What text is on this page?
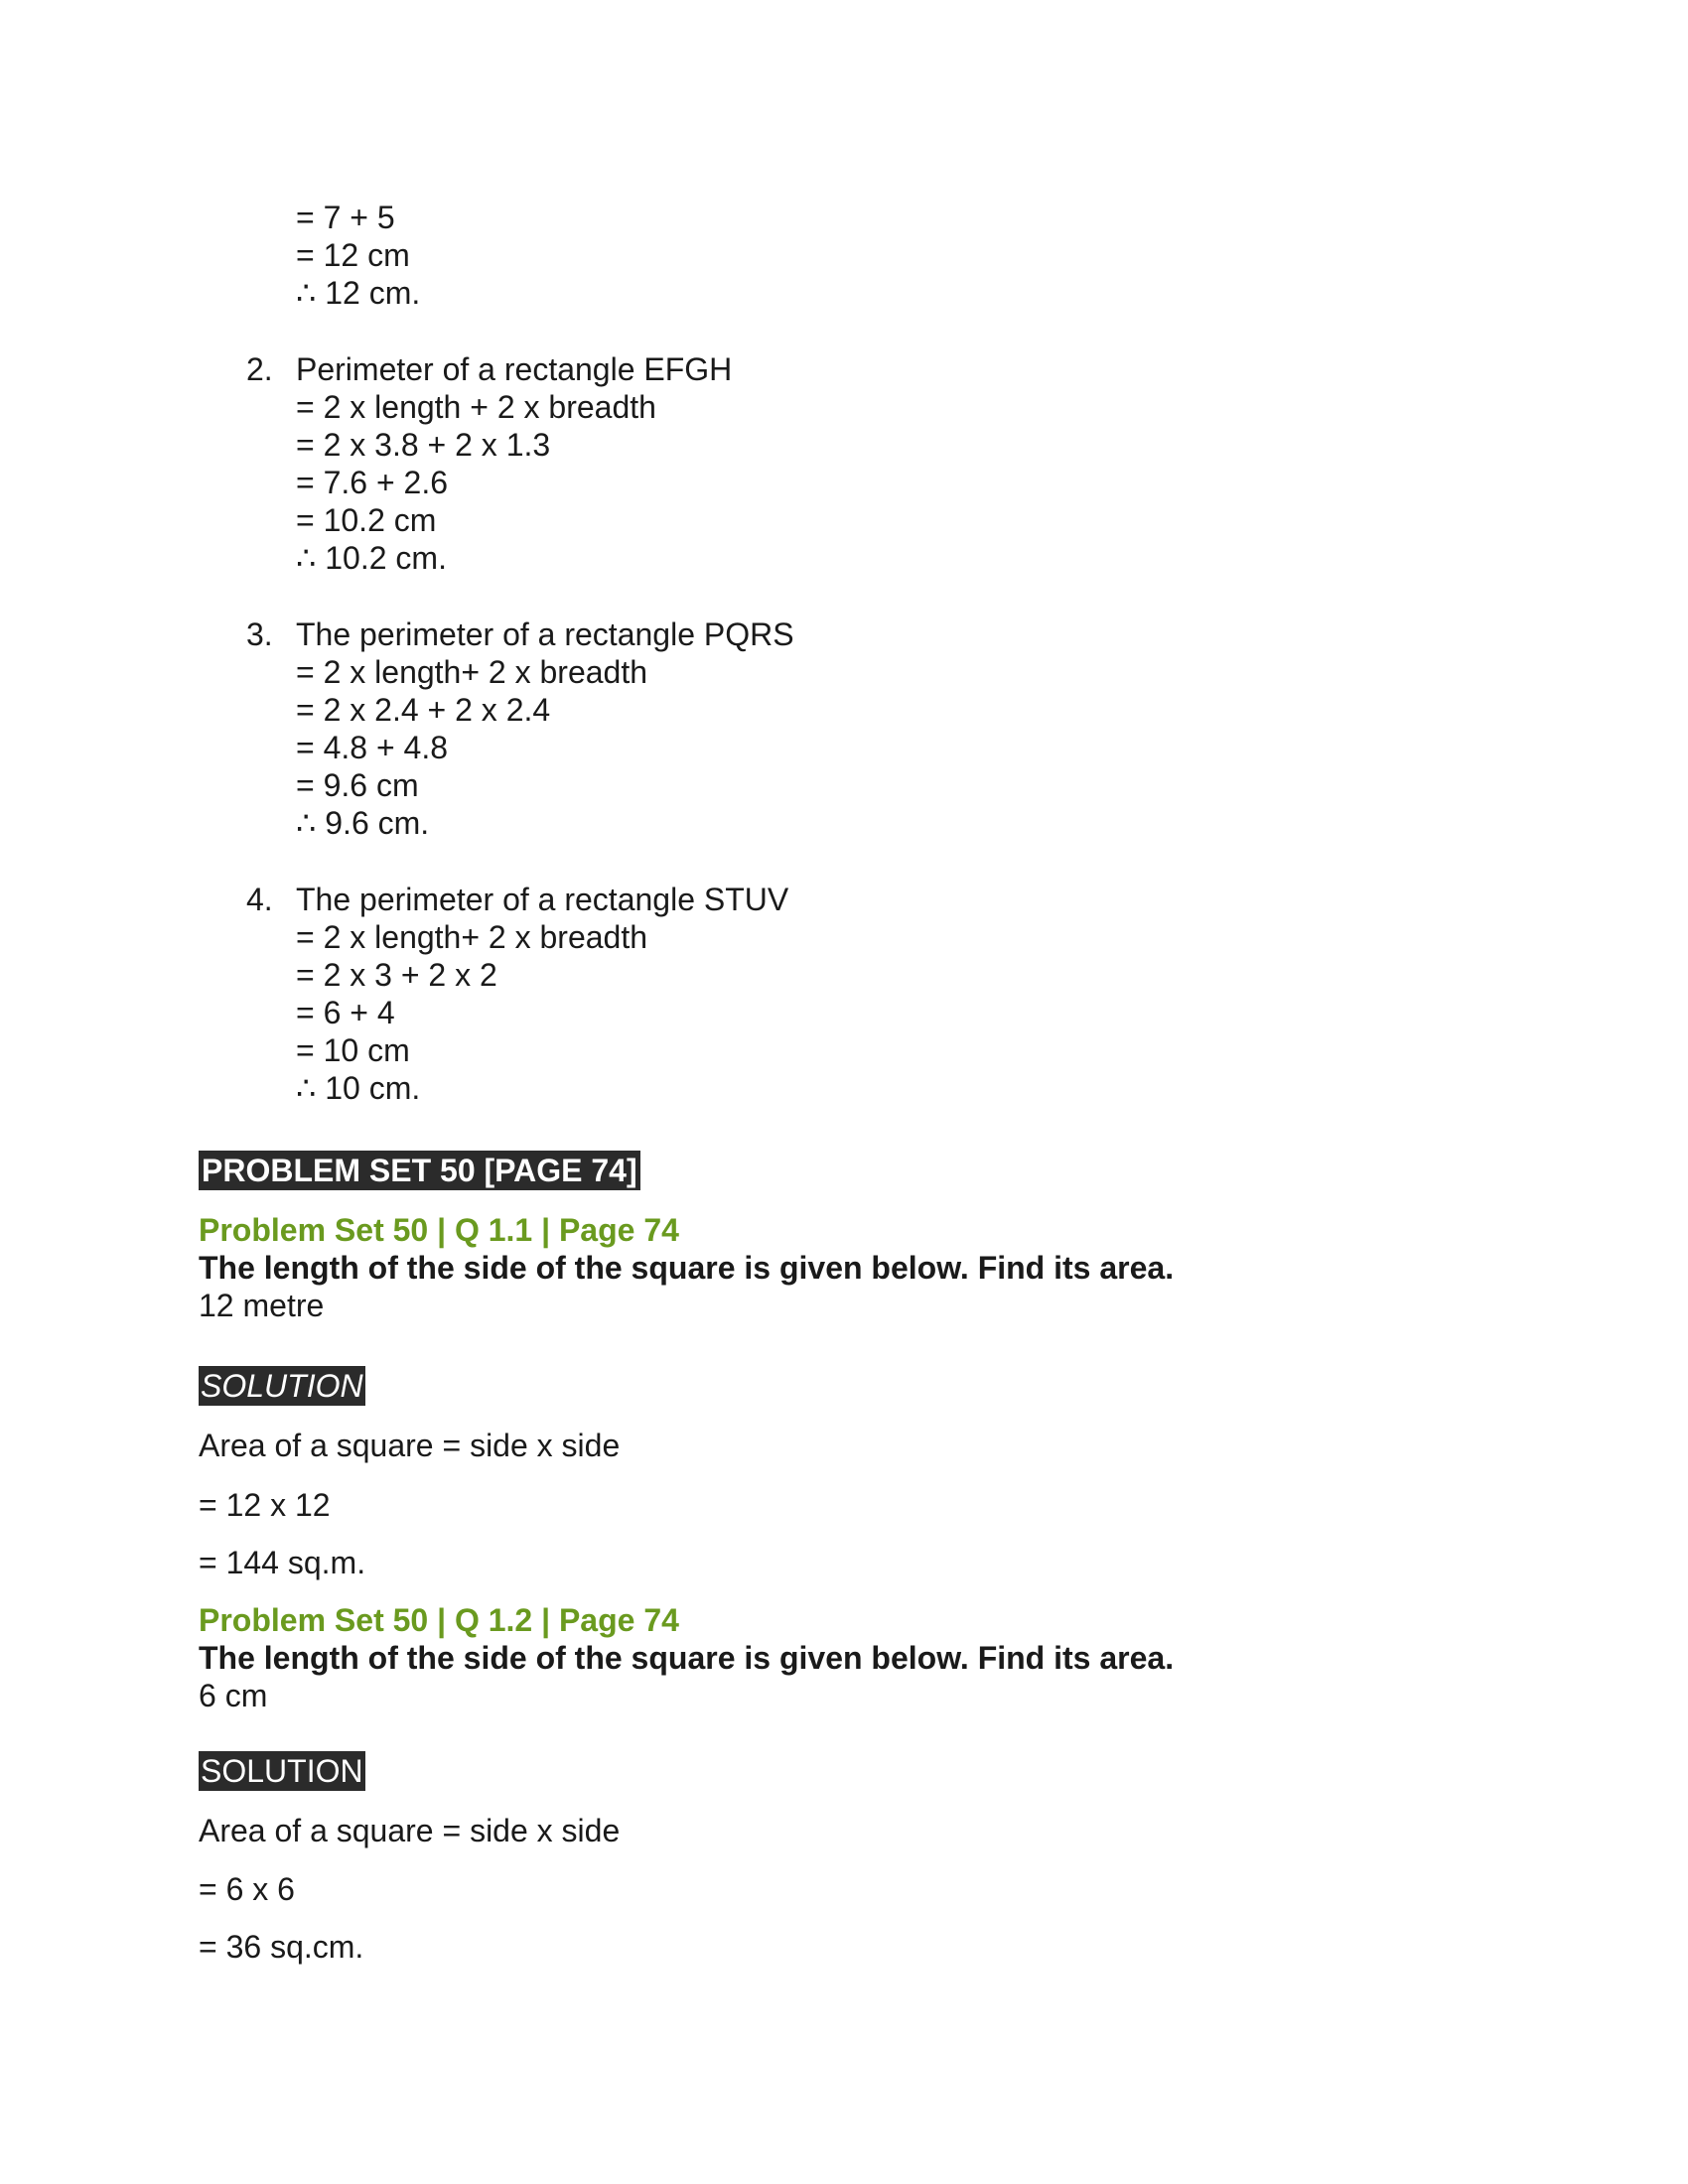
= 7 + 5
= 12 cm
∴ 12 cm.
2. Perimeter of a rectangle EFGH
= 2 x length + 2 x breadth
= 2 x 3.8 + 2 x 1.3
= 7.6 + 2.6
= 10.2 cm
∴ 10.2 cm.
3. The perimeter of a rectangle PQRS
= 2 x length+ 2 x breadth
= 2 x 2.4 + 2 x 2.4
= 4.8 + 4.8
= 9.6 cm
∴ 9.6 cm.
4. The perimeter of a rectangle STUV
= 2 x length+ 2 x breadth
= 2 x 3 + 2 x 2
= 6 + 4
= 10 cm
∴ 10 cm.
PROBLEM SET 50 [PAGE 74]
Problem Set 50 | Q 1.1 | Page 74
The length of the side of the square is given below. Find its area.
12 metre
SOLUTION
Area of a square = side x side
= 12 x 12
= 144 sq.m.
Problem Set 50 | Q 1.2 | Page 74
The length of the side of the square is given below. Find its area.
6 cm
SOLUTION
Area of a square = side x side
= 6 x 6
= 36 sq.cm.
